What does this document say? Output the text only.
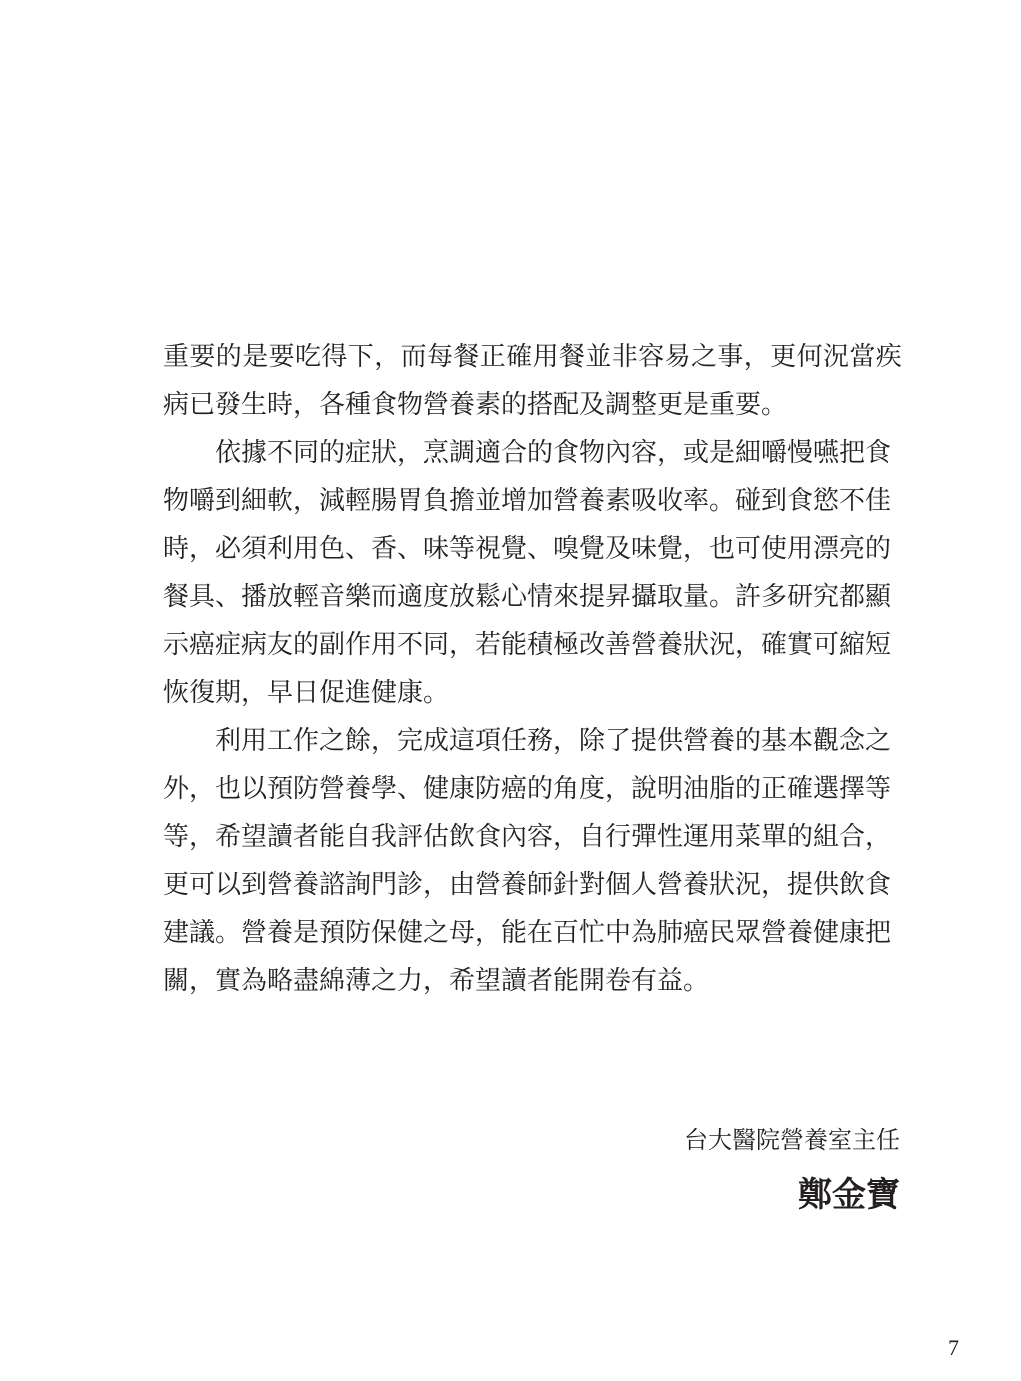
重要的是要吃得下，而每餐正確用餐並非容易之事，更何況當疾
病已發生時，各種食物營養素的搭配及調整更是重要。
依據不同的症狀，烹調適合的食物內容，或是細嚼慢嚥把食
物嚼到細軟，減輕腸胃負擔並增加營養素吸收率。碰到食慾不佳
時，必須利用色、香、味等視覺、嗅覺及味覺，也可使用漂亮的
餐具、播放輕音樂而適度放鬆心情來提昇攝取量。許多研究都顯
示癌症病友的副作用不同，若能積極改善營養狀況，確實可縮短
恢復期，早日促進健康。
利用工作之餘，完成這項任務，除了提供營養的基本觀念之
外，也以預防營養學、健康防癌的角度，說明油脂的正確選擇等
等，希望讀者能自我評估飲食內容，自行彈性運用菜單的組合，
更可以到營養諮詢門診，由營養師針對個人營養狀況，提供飲食
建議。營養是預防保健之母，能在百忙中為肺癌民眾營養健康把
關，實為略盡綿薄之力，希望讀者能開卷有益。
台大醫院營養室主任
鄭金寶
7
